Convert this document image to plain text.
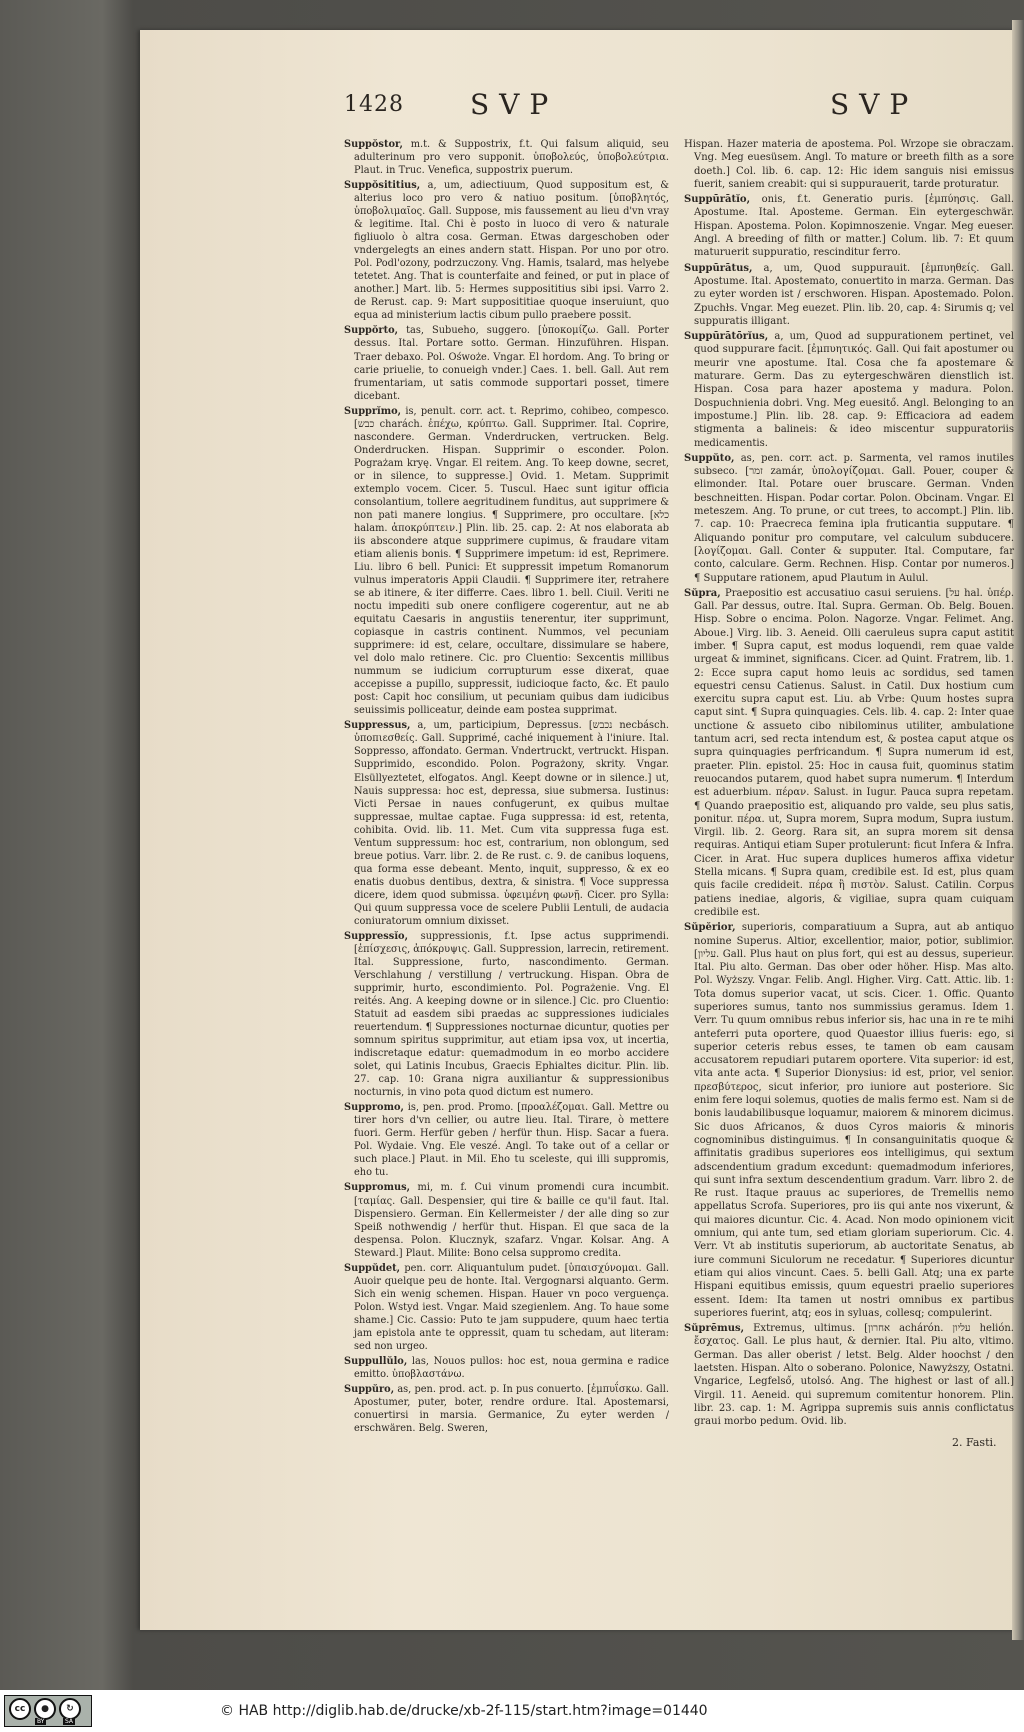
1428 SVP	SVP

Suppŏstor, m.t. & Suppostrix, f.t. Qui falsum aliquid, seu adulterinum pro vero supponit. ὑποβολεύς, ὑποβολεύτρια. Plaut. in Truc. Venefica, suppostrix puerum.

Suppŏsititius, a, um, adiectiuum, Quod suppositum est, & alterius loco pro vero & natiuo positum. [ὑποβλητός, ὑποβολιμαῖος. Gall. Suppose, mis faussement au lieu d'vn vray & legitime. Ital. Chi è posto in luoco di vero & naturale figliuolo ò altra cosa. German. Etwas dargeschoben oder vndergelegts an eines andern statt. Hispan. Por uno por otro. Pol. Podl'ozony, podrzuczony. Vng. Hamis, tsalard, mas helyebe tetetet. Ang. That is counterfaite and feined, or put in place of another.] Mart. lib. 5: Hermes supposititius sibi ipsi. Varro 2. de Rerust. cap. 9: Mart supposititiae quoque inseruiunt, quo equa ad ministerium lactis cibum pullo praebere possit.

Suppŏrto, tas, Subueho, suggero. [ὑποκομίζω. Gall. Porter dessus. Ital. Portare sotto. German. Hinzuführen. Hispan. Traer debaxo. Pol. Ośwoże. Vngar. El hordom. Ang. To bring or carie priuelie, to conueigh vnder.] Caes. 1. bell. Gall. Aut rem frumentariam, ut satis commode supportari posset, timere dicebant.

Supprĭmo, is, penult. corr. act. t. Reprimo, cohibeo, compesco. [כבש charách. ἐπέχω, κρύπτω. Gall. Supprimer. Ital. Coprire, nascondere. German. Vnderdrucken, vertrucken. Belg. Onderdrucken. Hispan. Supprimir o esconder. Polon. Pograżam kryę. Vngar. El reitem. Ang. To keep downe, secret, or in silence, to suppresse.] Ovid. 1. Metam. Supprimit extemplo vocem. Cicer. 5. Tuscul. Haec sunt igitur officia consolantium, tollere aegritudinem funditus, aut supprimere & non pati manere longius. ¶ Supprimere, pro occultare. [כלא halam. ἀποκρύπτειν.] Plin. lib. 25. cap. 2: At nos elaborata ab iis abscondere atque supprimere cupimus, & fraudare vitam etiam alienis bonis. ¶ Supprimere impetum: id est, Reprimere. Liu. libro 6 bell. Punici: Et suppressit impetum Romanorum vulnus imperatoris Appii Claudii. ¶ Supprimere iter, retrahere se ab itinere, & iter differre. Caes. libro 1. bell. Ciuil. Veriti ne noctu impediti sub onere confligere cogerentur, aut ne ab equitatu Caesaris in angustiis tenerentur, iter supprimunt, copiasque in castris continent. Nummos, vel pecuniam supprimere: id est, celare, occultare, dissimulare se habere, vel dolo malo retinere. Cic. pro Cluentio: Sexcentis millibus nummum se iudicium corrupturum esse dixerat, quae accepisse a pupillo, suppressit, iudicioque facto, &c. Et paulo post: Capit hoc consilium, ut pecuniam quibus dam iudicibus seuissimis polliceatur, deinde eam postea supprimat.

Suppressus, a, um, participium, Depressus. [נכבש necbásch. ὑποπιεσθείς. Gall. Supprimé, caché iniquement à l'iniure. Ital. Soppresso, affondato. German. Vndertruckt, vertruckt. Hispan. Supprimido, escondido. Polon. Pograżony, skrity. Vngar. Elsüllyeztetet, elfogatos. Angl. Keept downe or in silence.] ut, Nauis suppressa: hoc est, depressa, siue submersa. Iustinus: Victi Persae in naues confugerunt, ex quibus multae suppressae, multae captae. Fuga suppressa: id est, retenta, cohibita. Ovid. lib. 11. Met. Cum vita suppressa fuga est. Ventum suppressum: hoc est, contrarium, non oblongum, sed breue potius. Varr. libr. 2. de Re rust. c. 9. de canibus loquens, qua forma esse debeant. Mento, inquit, suppresso, & ex eo enatis duobus dentibus, dextra, & sinistra. ¶ Voce suppressa dicere, idem quod submissa. ὑφειμένη φωνῇ. Cicer. pro Sylla: Qui quum suppressa voce de scelere Publii Lentuli, de audacia coniuratorum omnium dixisset.

Suppressĭo, suppressionis, f.t. Ipse actus supprimendi. [ἐπίσχεσις, ἀπόκρυψις. Gall. Suppression, larrecin, retirement. Ital. Suppressione, furto, nascondimento. German. Verschlahung / verstillung / vertruckung. Hispan. Obra de supprimir, hurto, escondimiento. Pol. Pograżenie. Vng. El reités. Ang. A keeping downe or in silence.] Cic. pro Cluentio: Statuit ad easdem sibi praedas ac suppressiones iudiciales reuertendum. ¶ Suppressiones nocturnae dicuntur, quoties per somnum spiritus supprimitur, aut etiam ipsa vox, ut incertia, indiscretaque edatur: quemadmodum in eo morbo accidere solet, qui Latinis Incubus, Graecis Ephialtes dicitur. Plin. lib. 27. cap. 10: Grana nigra auxiliantur & suppressionibus nocturnis, in vino pota quod dictum est numero.

Suppromo, is, pen. prod. Promo. [προαλέζομαι. Gall. Mettre ou tirer hors d'vn cellier, ou autre lieu. Ital. Tirare, ò mettere fuori. Germ. Herfür geben / herfür thun. Hisp. Sacar a fuera. Pol. Wydaie. Vng. Ele veszé. Angl. To take out of a cellar or such place.] Plaut. in Mil. Eho tu sceleste, qui illi suppromis, eho tu.

Suppromus, mi, m. f. Cui vinum promendi cura incumbit. [ταμίας. Gall. Despensier, qui tire & baille ce qu'il faut. Ital. Dispensiero. German. Ein Kellermeister / der alle ding so zur Speiß nothwendig / herfür thut. Hispan. El que saca de la despensa. Polon. Klucznyk, szafarz. Vngar. Kolsar. Ang. A Steward.] Plaut. Milite: Bono celsa suppromo credita.

Suppŭdet, pen. corr. Aliquantulum pudet. [ὑπαισχύνομαι. Gall. Auoir quelque peu de honte. Ital. Vergognarsi alquanto. Germ. Sich ein wenig schemen. Hispan. Hauer vn poco verguença. Polon. Wstyd iest. Vngar. Maid szegienlem. Ang. To haue some shame.] Cic. Cassio: Puto te jam suppudere, quum haec tertia jam epistola ante te oppressit, quam tu schedam, aut literam: sed non urgeo.

Suppullŭlo, las, Nouos pullos: hoc est, noua germina e radice emitto. ὑποβλαστάνω.

Suppŭro, as, pen. prod. act. p. In pus conuerto. [ἐμπυΐσκω. Gall. Apostumer, puter, boter, rendre ordure. Ital. Apostemarsi, conuertirsi in marsia. Germanice, Zu eyter werden / erschwären. Belg. Sweren,

Hispan. Hazer materia de apostema. Pol. Wrzope sie obraczam. Vng. Meg euesüsem. Angl. To mature or breeth filth as a sore doeth.] Col. lib. 6. cap. 12: Hic idem sanguis nisi emissus fuerit, saniem creabit: qui si suppurauerit, tarde proturatur.

Suppūrātĭo, onis, f.t. Generatio puris. [ἐμπύησις. Gall. Apostume. Ital. Aposteme. German. Ein eytergeschwär. Hispan. Apostema. Polon. Kopimnoszenie. Vngar. Meg eueser. Angl. A breeding of filth or matter.] Colum. lib. 7: Et quum maturuerit suppuratio, rescinditur ferro.

Suppūrātus, a, um, Quod suppurauit. [ἐμπυηθείς. Gall. Apostume. Ital. Apostemato, conuertito in marza. German. Das zu eyter worden ist / erschworen. Hispan. Apostemado. Polon. Zpuchłs. Vngar. Meg euezet. Plin. lib. 20, cap. 4: Sirumis q; vel suppuratis illigant.

Suppūrātōrĭus, a, um, Quod ad suppurationem pertinet, vel quod suppurare facit. [ἐμπυητικός. Gall. Qui fait apostumer ou meurir vne apostume. Ital. Cosa che fa apostemare & maturare. Germ. Das zu eytergeschwären dienstlich ist. Hispan. Cosa para hazer apostema y madura. Polon. Dospuchnienia dobri. Vng. Meg euesitő. Angl. Belonging to an impostume.] Plin. lib. 28. cap. 9: Efficaciora ad eadem stigmenta a balineis: & ideo miscentur suppuratoriis medicamentis.

Suppŭto, as, pen. corr. act. p. Sarmenta, vel ramos inutiles subseco. [זמר zamár, ὑπολογίζομαι. Gall. Pouer, couper & elimonder. Ital. Potare ouer bruscare. German. Vnden beschneitten. Hispan. Podar cortar. Polon. Obcinam. Vngar. El meteszem. Ang. To prune, or cut trees, to accompt.] Plin. lib. 7. cap. 10: Praecreca femina ipla fruticantia supputare. ¶ Aliquando ponitur pro computare, vel calculum subducere. [λογίζομαι. Gall. Conter & supputer. Ital. Computare, far conto, calculare. Germ. Rechnen. Hisp. Contar por numeros.] ¶ Supputare rationem, apud Plautum in Aulul.

Sŭpra, Praepositio est accusatiuo casui seruiens. [על hal. ὑπέρ. Gall. Par dessus, outre. Ital. Supra. German. Ob. Belg. Bouen. Hisp. Sobre o encima. Polon. Nagorze. Vngar. Felimet. Ang. Aboue.] Virg. lib. 3. Aeneid. Olli caeruleus supra caput astitit imber. ¶ Supra caput, est modus loquendi, rem quae valde urgeat & imminet, significans. Cicer. ad Quint. Fratrem, lib. 1. 2: Ecce supra caput homo leuis ac sordidus, sed tamen equestri censu Catienus. Salust. in Catil. Dux hostium cum exercitu supra caput est. Liu. ab Vrbe: Quum hostes supra caput sint. ¶ Supra quinquagies. Cels. lib. 4. cap. 2: Inter quae unctione & assueto cibo nibilominus utiliter, ambulatione tantum acri, sed recta intendum est, & postea caput atque os supra quinquagies perfricandum. ¶ Supra numerum id est, praeter. Plin. epistol. 25: Hoc in causa fuit, quominus statim reuocandos putarem, quod habet supra numerum. ¶ Interdum est aduerbium. πέραν. Salust. in Iugur. Pauca supra repetam. ¶ Quando praepositio est, aliquando pro valde, seu plus satis, ponitur. πέρα. ut, Supra morem, Supra modum, Supra iustum. Virgil. lib. 2. Georg. Rara sit, an supra morem sit densa requiras. Antiqui etiam Super protulerunt: ficut Infera & Infra. Cicer. in Arat. Huc supera duplices humeros affixa videtur Stella micans. ¶ Supra quam, credibile est. Id est, plus quam quis facile credideit. πέρα ἢ πιστὸν. Salust. Catilin. Corpus patiens inediae, algoris, & vigiliae, supra quam cuiquam credibile est.

Sŭpĕrior, superioris, comparatiuum a Supra, aut ab antiquo nomine Superus. Altior, excellentior, maior, potior, sublimior. [עליון. Gall. Plus haut on plus fort, qui est au dessus, superieur. Ital. Piu alto. German. Das ober oder höher. Hisp. Mas alto. Pol. Wyższy. Vngar. Felib. Angl. Higher. Virg. Catt. Attic. lib. 1: Tota domus superior vacat, ut scis. Cicer. 1. Offic. Quanto superiores sumus, tanto nos summissius geramus. Idem 1. Verr. Tu quum omnibus rebus inferior sis, hac una in re te mihi anteferri puta oportere, quod Quaestor illius fueris: ego, si superior ceteris rebus esses, te tamen ob eam causam accusatorem repudiari putarem oportere. Vita superior: id est, vita ante acta. ¶ Superior Dionysius: id est, prior, vel senior. πρεσβύτερος, sicut inferior, pro iuniore aut posteriore. Sic enim fere loqui solemus, quoties de malis fermo est. Nam si de bonis laudabilibusque loquamur, maiorem & minorem dicimus. Sic duos Africanos, & duos Cyros maioris & minoris cognominibus distinguimus. ¶ In consanguinitatis quoque & affinitatis gradibus superiores eos intelligimus, qui sextum adscendentium gradum excedunt: quemadmodum inferiores, qui sunt infra sextum descendentium gradum. Varr. libro 2. de Re rust. Itaque prauus ac superiores, de Tremellis nemo appellatus Scrofa. Superiores, pro iis qui ante nos vixerunt, & qui maiores dicuntur. Cic. 4. Acad. Non modo opinionem vicit omnium, qui ante tum, sed etiam gloriam superiorum. Cic. 4. Verr. Vt ab institutis superiorum, ab auctoritate Senatus, ab iure communi Siculorum ne recedatur. ¶ Superiores dicuntur etiam qui alios vincunt. Caes. 5. belli Gall. Atq; una ex parte Hispani equitibus emissis, quum equestri praelio superiores essent. Idem: Ita tamen ut nostri omnibus ex partibus superiores fuerint, atq; eos in syluas, collesq; compulerint.

Sŭprēmus, Extremus, ultimus. [אחרון achárón. עליון helión. ἔσχατος. Gall. Le plus haut, & dernier. Ital. Piu alto, vltimo. German. Das aller oberist / letst. Belg. Alder hoochst / den laetsten. Hispan. Alto o soberano. Polonice, Nawyższy, Ostatni. Vngarice, Legfelső, utolsó. Ang. The highest or last of all.] Virgil. 11. Aeneid. qui supremum comitentur honorem. Plin. libr. 23. cap. 1: M. Agrippa supremis suis annis conflictatus graui morbo pedum. Ovid. lib.

2. Fasti.
cc	●	↻
BY	SA
© HAB http://diglib.hab.de/drucke/xb-2f-115/start.htm?image=01440
